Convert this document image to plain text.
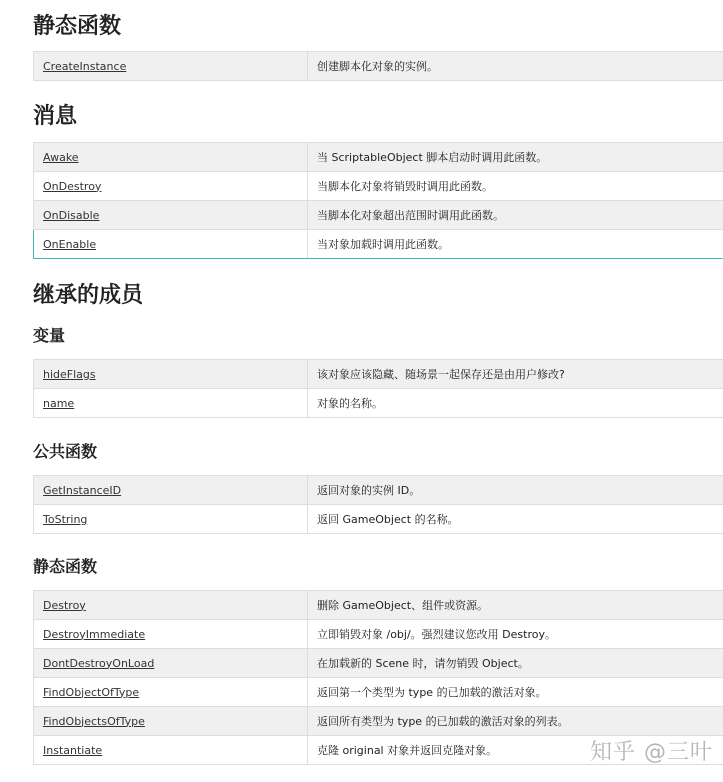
静态函数
CreateInstance	创建脚本化对象的实例。
消息
Awake	当 ScriptableObject 脚本启动时调用此函数。
OnDestroy	当脚本化对象将销毁时调用此函数。
OnDisable	当脚本化对象超出范围时调用此函数。
OnEnable	当对象加载时调用此函数。
继承的成员
变量
hideFlags	该对象应该隐藏、随场景一起保存还是由用户修改?
name	对象的名称。
公共函数
GetInstanceID	返回对象的实例 ID。
ToString	返回 GameObject 的名称。
静态函数
Destroy	删除 GameObject、组件或资源。
DestroyImmediate	立即销毁对象 /obj/。强烈建议您改用 Destroy。
DontDestroyOnLoad	在加载新的 Scene 时，请勿销毁 Object。
FindObjectOfType	返回第一个类型为 type 的已加载的激活对象。
FindObjectsOfType	返回所有类型为 type 的已加载的激活对象的列表。
Instantiate	克隆 original 对象并返回克隆对象。	知乎 @三叶
